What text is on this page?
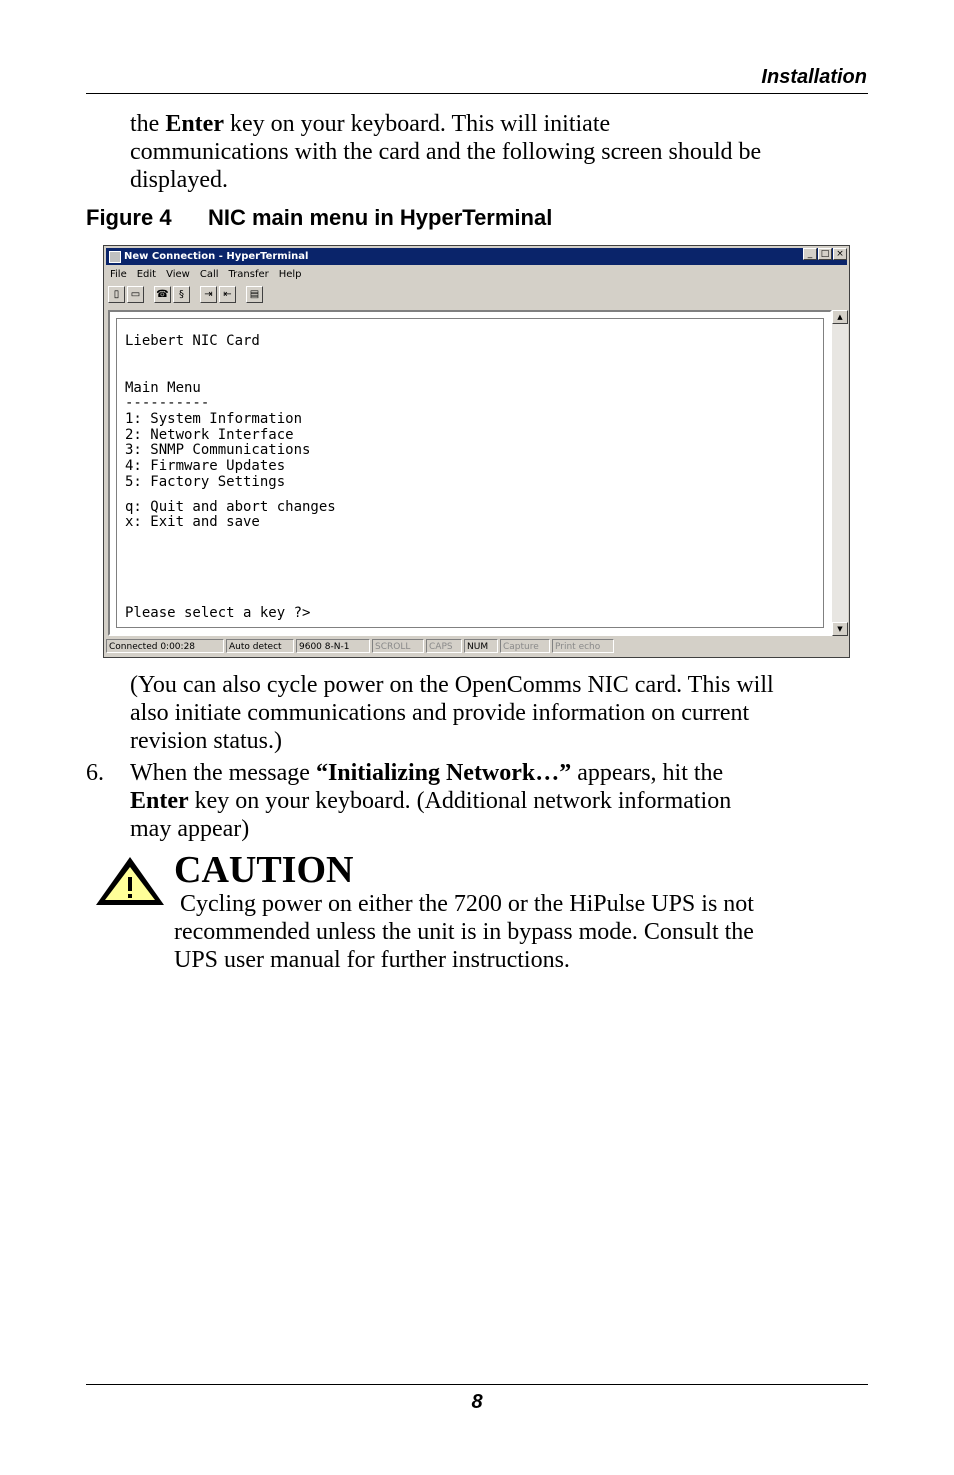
Installation
the Enter key on your keyboard. This will initiate
communications with the card and the following screen should be
displayed.
Figure 4 NIC main menu in HyperTerminal
New Connection - HyperTerminal	_ □ ×
File Edit View Call Transfer Help
▯	▭	☎	§	⇥	⇤	▤
Liebert NIC Card
Main Menu
----------
1: System Information
2: Network Interface
3: SNMP Communications
4: Firmware Updates
5: Factory Settings
q: Quit and abort changes
x: Exit and save
Please select a key ?>
▲
▼
Connected 0:00:28	Auto detect	9600 8-N-1	SCROLL	CAPS	NUM	Capture	Print echo
(You can also cycle power on the OpenComms NIC card. This will
also initiate communications and provide information on current
revision status.)
6. When the message “Initializing Network…” appears, hit the
Enter key on your keyboard. (Additional network information
may appear)
CAUTION
Cycling power on either the 7200 or the HiPulse UPS is not
recommended unless the unit is in bypass mode. Consult the
UPS user manual for further instructions.
8
